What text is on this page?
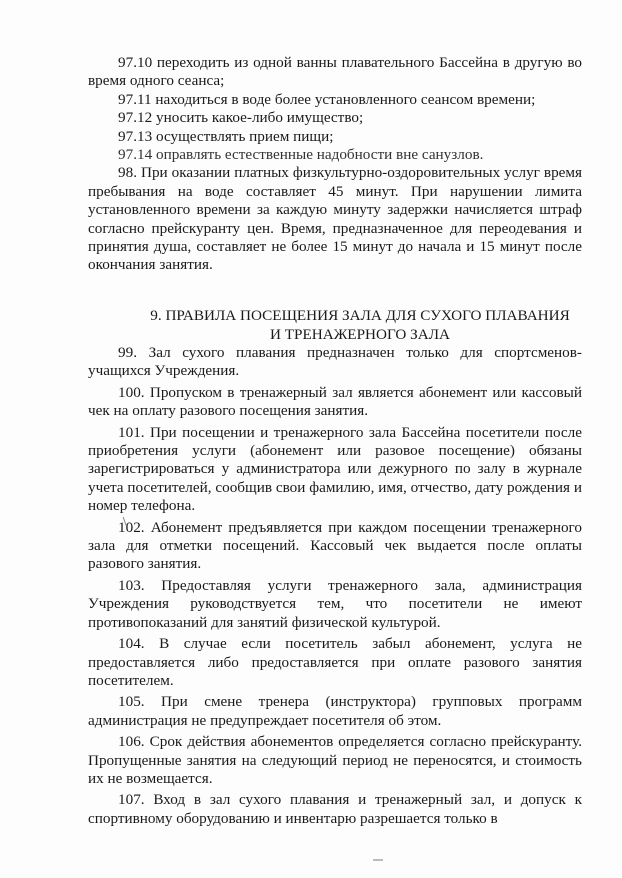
97.10 переходить из одной ванны плавательного Бассейна в другую во время одного сеанса;

97.11 находиться в воде более установленного сеансом времени;

97.12 уносить какое-либо имущество;

97.13 осуществлять прием пищи;

97.14 оправлять естественные надобности вне санузлов.

98. При оказании платных физкультурно-оздоровительных услуг время пребывания на воде составляет 45 минут. При нарушении лимита установленного времени за каждую минуту задержки начисляется штраф согласно прейскуранту цен. Время, предназначенное для переодевания и принятия душа, составляет не более 15 минут до начала и 15 минут после окончания занятия.

9. ПРАВИЛА ПОСЕЩЕНИЯ ЗАЛА ДЛЯ СУХОГО ПЛАВАНИЯ
И ТРЕНАЖЕРНОГО ЗАЛА

99. Зал сухого плавания предназначен только для спортсменов-учащихся Учреждения.

100. Пропуском в тренажерный зал является абонемент или кассовый чек на оплату разового посещения занятия.

101. При посещении и тренажерного зала Бассейна посетители после приобретения услуги (абонемент или разовое посещение) обязаны зарегистрироваться у администратора или дежурного по залу в журнале учета посетителей, сообщив свои фамилию, имя, отчество, дату рождения и номер телефона.

102. Абонемент предъявляется при каждом посещении тренажерного зала для отметки посещений. Кассовый чек выдается после оплаты разового занятия.

103. Предоставляя услуги тренажерного зала, администрация Учреждения руководствуется тем, что посетители не имеют противопоказаний для занятий физической культурой.

104. В случае если посетитель забыл абонемент, услуга не предоставляется либо предоставляется при оплате разового занятия посетителем.

105. При смене тренера (инструктора) групповых программ администрация не предупреждает посетителя об этом.

106. Срок действия абонементов определяется согласно прейскуранту. Пропущенные занятия на следующий период не переносятся, и стоимость их не возмещается.

107. Вход в зал сухого плавания и тренажерный зал, и допуск к спортивному оборудованию и инвентарю разрешается только в
